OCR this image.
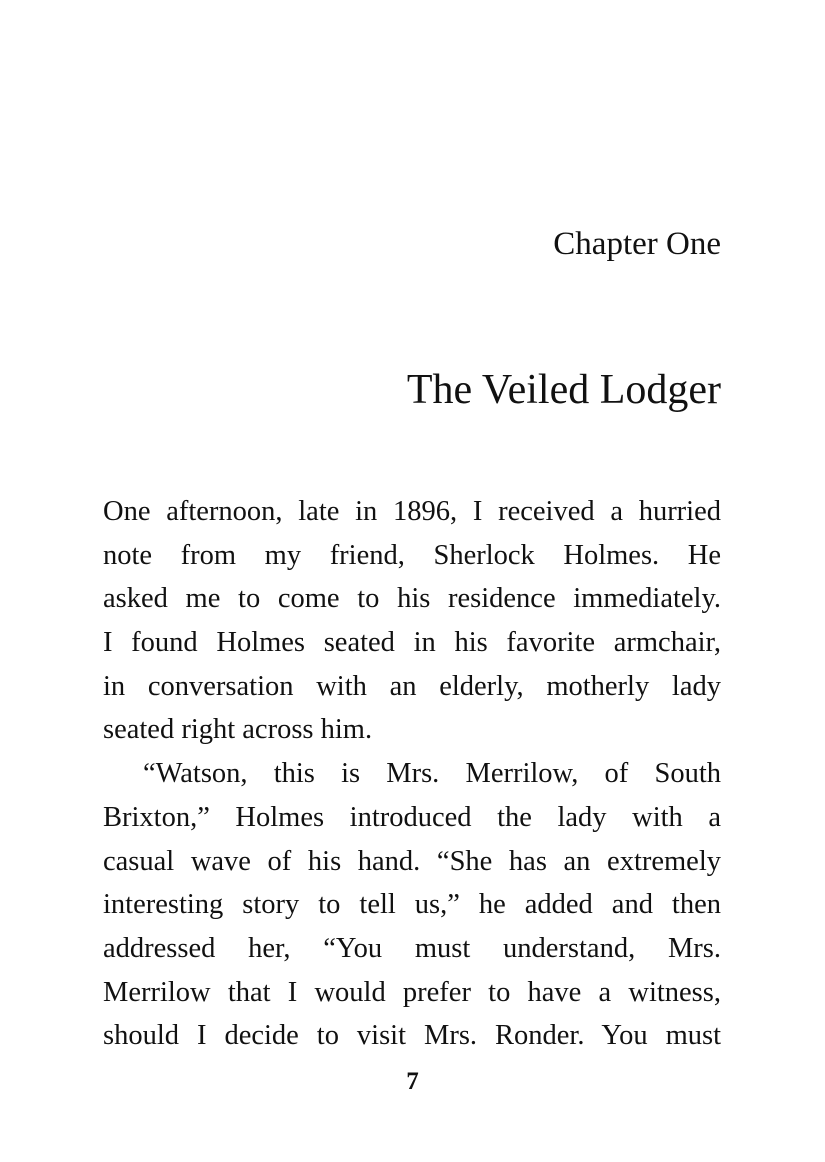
Chapter One
The Veiled Lodger
One afternoon, late in 1896, I received a hurried
note from my friend, Sherlock Holmes. He
asked me to come to his residence immediately.
I found Holmes seated in his favorite armchair,
in conversation with an elderly, motherly lady
seated right across him.
“Watson, this is Mrs. Merrilow, of South
Brixton,” Holmes introduced the lady with a
casual wave of his hand. “She has an extremely
interesting story to tell us,” he added and then
addressed her, “You must understand, Mrs.
Merrilow that I would prefer to have a witness,
should I decide to visit Mrs. Ronder. You must
7
